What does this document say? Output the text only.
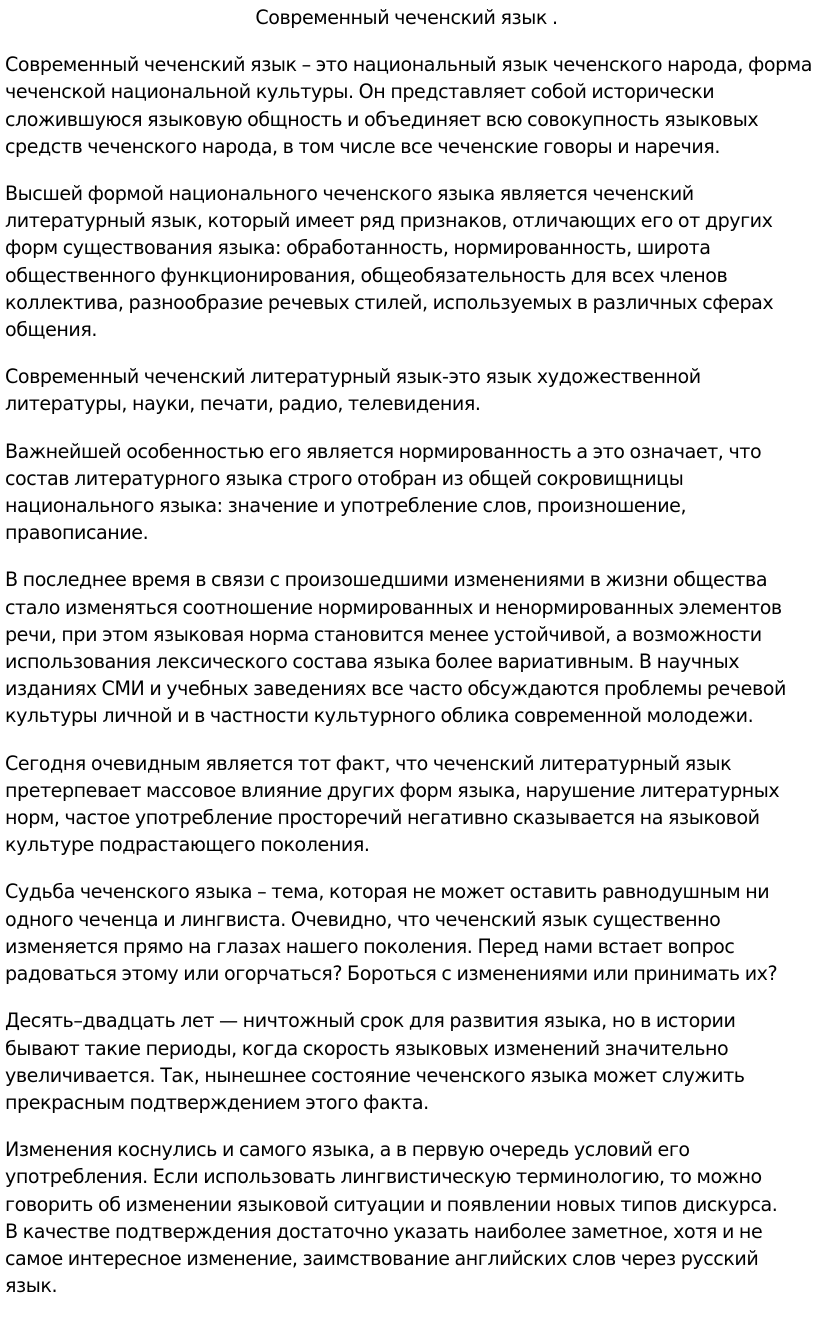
Современный чеченский язык .
Современный чеченский язык – это национальный язык чеченского народа, форма чеченской национальной культуры. Он представляет собой исторически сложившуюся языковую общность и объединяет всю совокупность языковых средств чеченского народа, в том числе все чеченские говоры и наречия.
Высшей формой национального чеченского языка является чеченский литературный язык, который имеет ряд признаков, отличающих его от других форм существования языка: обработанность, нормированность, широта общественного функционирования, общеобязательность для всех членов коллектива, разнообразие речевых стилей, используемых в различных сферах общения.
Современный чеченский литературный язык-это язык художественной литературы, науки, печати, радио, телевидения.
Важнейшей особенностью его является нормированность а это означает, что состав литературного языка строго отобран из общей сокровищницы национального языка: значение и употребление слов, произношение, правописание.
В последнее время в связи с произошедшими изменениями в жизни общества стало изменяться соотношение нормированных и ненормированных элементов речи, при этом языковая норма становится менее устойчивой, а возможности использования лексического состава языка более вариативным. В научных изданиях СМИ и учебных заведениях все часто обсуждаются проблемы речевой культуры личной и в частности культурного облика современной молодежи.
Сегодня очевидным является тот факт, что чеченский литературный язык претерпевает массовое влияние других форм языка, нарушение литературных норм, частое употребление просторечий негативно сказывается на языковой культуре подрастающего поколения.
Судьба чеченского языка – тема, которая не может оставить равнодушным ни одного чеченца и лингвиста. Очевидно, что чеченский язык существенно изменяется прямо на глазах нашего поколения. Перед нами встает вопрос радоваться этому или огорчаться? Бороться с изменениями или принимать их?
Десять–двадцать лет — ничтожный срок для развития языка, но в истории бывают такие периоды, когда скорость языковых изменений значительно увеличивается. Так, нынешнее состояние чеченского языка может служить прекрасным подтверждением этого факта.
Изменения коснулись и самого языка, а в первую очередь условий его употребления. Если использовать лингвистическую терминологию, то можно говорить об изменении языковой ситуации и появлении новых типов дискурса.
В качестве подтверждения достаточно указать наиболее заметное, хотя и не самое интересное изменение, заимствование английских слов через русский язык.
